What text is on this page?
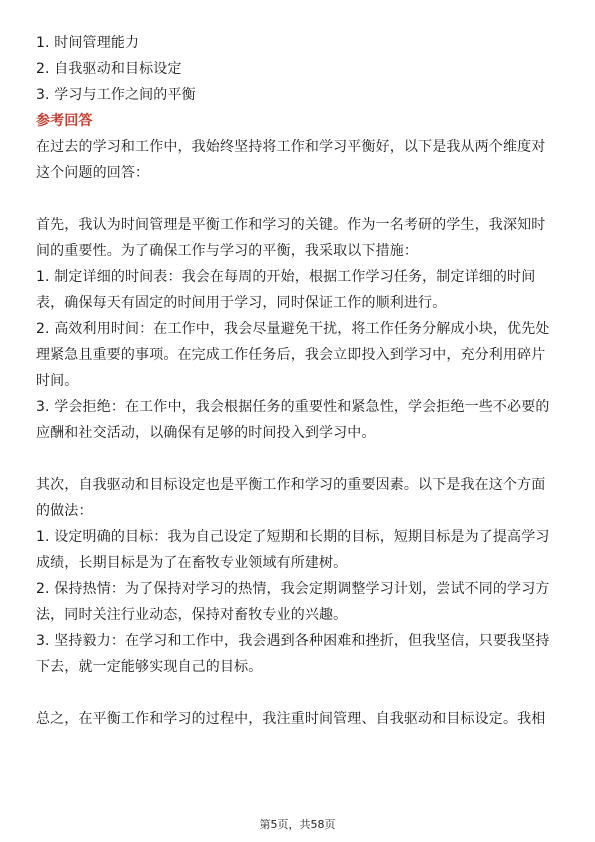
1. 时间管理能力
2. 自我驱动和目标设定
3. 学习与工作之间的平衡
参考回答
在过去的学习和工作中，我始终坚持将工作和学习平衡好，以下是我从两个维度对
这个问题的回答：
首先，我认为时间管理是平衡工作和学习的关键。作为一名考研的学生，我深知时
间的重要性。为了确保工作与学习的平衡，我采取以下措施：
1. 制定详细的时间表：我会在每周的开始，根据工作学习任务，制定详细的时间
表，确保每天有固定的时间用于学习，同时保证工作的顺利进行。
2. 高效利用时间：在工作中，我会尽量避免干扰，将工作任务分解成小块，优先处
理紧急且重要的事项。在完成工作任务后，我会立即投入到学习中，充分利用碎片
时间。
3. 学会拒绝：在工作中，我会根据任务的重要性和紧急性，学会拒绝一些不必要的
应酬和社交活动，以确保有足够的时间投入到学习中。
其次，自我驱动和目标设定也是平衡工作和学习的重要因素。以下是我在这个方面
的做法：
1. 设定明确的目标：我为自己设定了短期和长期的目标，短期目标是为了提高学习
成绩，长期目标是为了在畜牧专业领域有所建树。
2. 保持热情：为了保持对学习的热情，我会定期调整学习计划，尝试不同的学习方
法，同时关注行业动态，保持对畜牧专业的兴趣。
3. 坚持毅力：在学习和工作中，我会遇到各种困难和挫折，但我坚信，只要我坚持
下去，就一定能够实现自己的目标。
总之，在平衡工作和学习的过程中，我注重时间管理、自我驱动和目标设定。我相
第5页，共58页
